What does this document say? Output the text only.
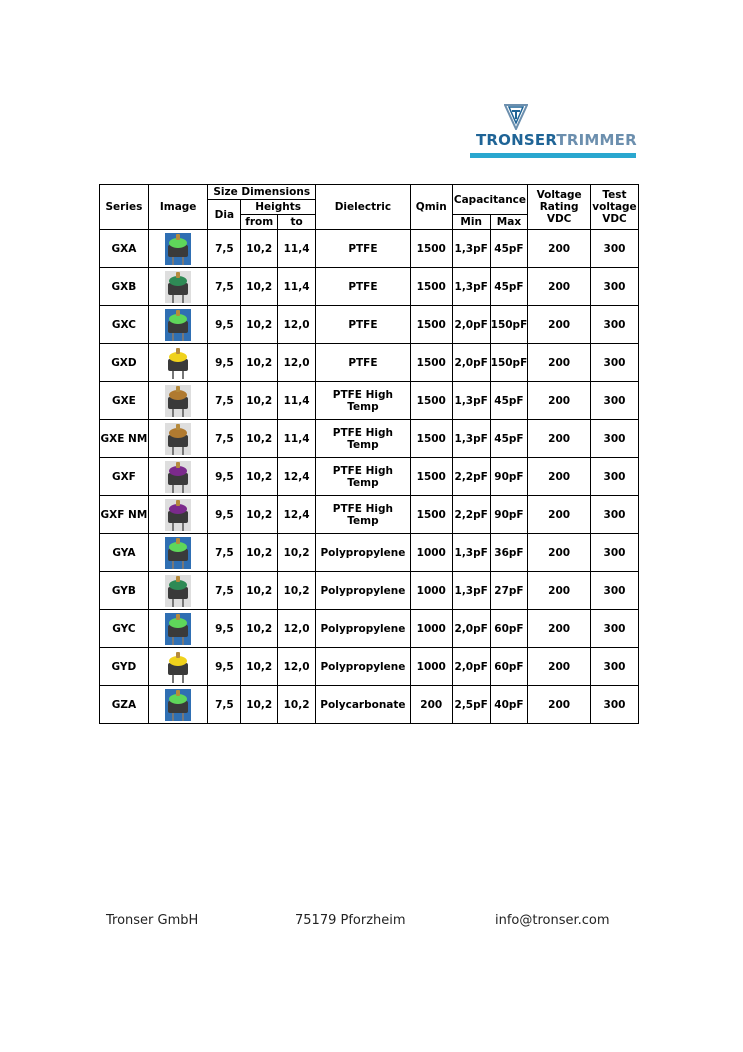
TRONSERTRIMMER
Series	Image	Size Dimensions			Dielectric	Qmin	Capacitance		Voltage Rating VDC	Test voltage VDC
		Dia	Heights							
			from	to			Min	Max		
GXA		7,5	10,2	11,4	PTFE	1500	1,3pF	45pF	200	300
GXB		7,5	10,2	11,4	PTFE	1500	1,3pF	45pF	200	300
GXC		9,5	10,2	12,0	PTFE	1500	2,0pF	150pF	200	300
GXD		9,5	10,2	12,0	PTFE	1500	2,0pF	150pF	200	300
GXE		7,5	10,2	11,4	PTFE High Temp	1500	1,3pF	45pF	200	300
GXE NM		7,5	10,2	11,4	PTFE High Temp	1500	1,3pF	45pF	200	300
GXF		9,5	10,2	12,4	PTFE High Temp	1500	2,2pF	90pF	200	300
GXF NM		9,5	10,2	12,4	PTFE High Temp	1500	2,2pF	90pF	200	300
GYA		7,5	10,2	10,2	Polypropylene	1000	1,3pF	36pF	200	300
GYB		7,5	10,2	10,2	Polypropylene	1000	1,3pF	27pF	200	300
GYC		9,5	10,2	12,0	Polypropylene	1000	2,0pF	60pF	200	300
GYD		9,5	10,2	12,0	Polypropylene	1000	2,0pF	60pF	200	300
GZA		7,5	10,2	10,2	Polycarbonate	200	2,5pF	40pF	200	300
Tronser GmbH	75179 Pforzheim	info@tronser.com
